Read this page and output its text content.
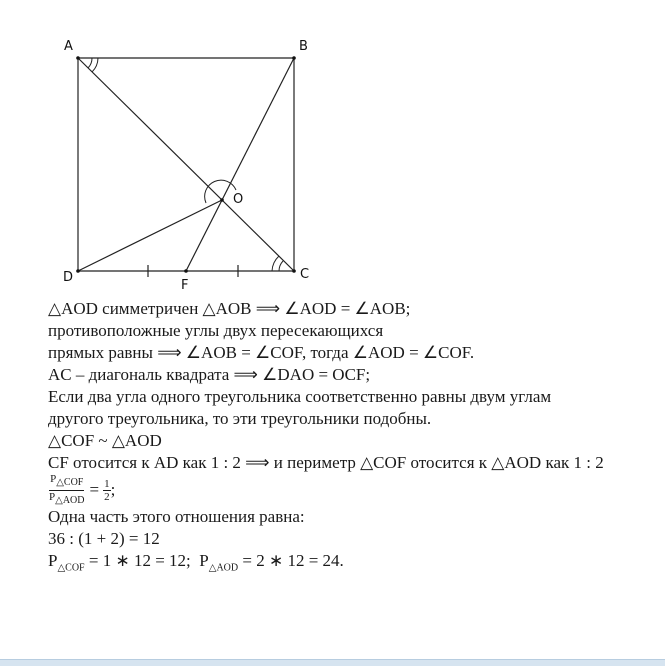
A	B
C
D
O
F
△AOD симметричен △AOB ⟹ ∠AOD = ∠AOB;
противоположные углы двух пересекающихся
прямых равны ⟹ ∠AOB = ∠COF, тогда ∠AOD = ∠COF.
AC – диагональ квадрата ⟹ ∠DAO = OCF;
Если два угла одного треугольника соответственно равны двум углам
другого треугольника, то эти треугольники подобны.
△COF ~ △AOD
CF отосится к AD как 1 : 2 ⟹ и периметр △COF отосится к △AOD как 1 : 2
$\frac{P_{\triangle COF}}{P_{\triangle AOD}} = \frac{1}{2}$ ;
Одна часть этого отношения равна:
36 : (1 + 2) = 12
$P_{\triangle COF} = 1$ ∗ 12 = 12;  $P_{\triangle AOD} = 2$ ∗ 12 = 24.
